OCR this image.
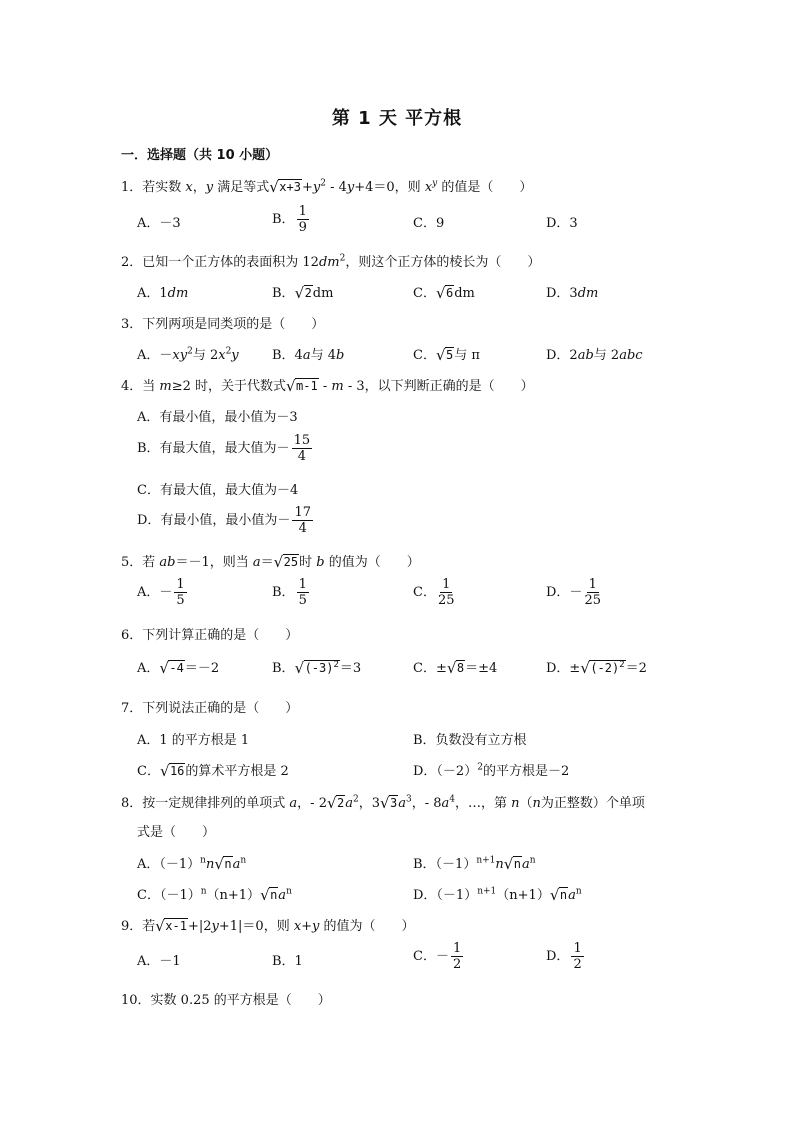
第 1 天 平方根
一．选择题（共 10 小题）
1．若实数 x，y 满足等式 √ $x+3+y^2 - 4y+4=0$，则 $x^y$ 的值是（　　）
A．－3	B． $\frac{1}{9}$	C．9	D．3
2．已知一个正方体的表面积为 $12dm^2$，则这个正方体的棱长为（　　）
A．1dm	B． √ 2dm	C． √ 6dm	D．3dm
3．下列两项是同类项的是（　　）
A．$-xy^2$与 $2x^2y$	B．4a与 4b	C． √ 5与 π	D．2ab与 2abc
4．当 m≥2 时，关于代数式 √ m-1 - m - 3，以下判断正确的是（　　）
A．有最小值，最小值为－3
B．有最大值，最大值为－ $\frac{15}{4}$
C．有最大值，最大值为－4
D．有最小值，最小值为－ $\frac{17}{4}$
5．若 ab＝－1，则当 a＝ √ 25时 b 的值为（　　）
A．－ $\frac{1}{5}$	B． $\frac{1}{5}$	C． $\frac{1}{25}$	D．－ $\frac{1}{25}$
6．下列计算正确的是（　　）
A． √ -4＝－2	B． √ $(-3)^2=3$	C．± √ 8＝±4	D．± √ $(-2)^2=2$
7．下列说法正确的是（　　）
A．1 的平方根是 1	B．负数没有立方根
C． √ 16的算术平方根是 2	D．$(-2)^2$的平方根是－2
8．按一定规律排列的单项式 a，- 2 √ $2a^2$，3 √ $3a^3$，- $8a^4$，…，第 n（n为正整数）个单项
式是（　　）
A．$(-1)^nn$ √ $na^n$	B．$(-1)^{n+1}n$ √ $na^n$
C．$(-1)^n(n+1)$ √ $na^n$	D．$(-1)^{n+1}(n+1)$ √ $na^n$
9．若 √ x-1+|2y+1|＝0，则 x+y 的值为（　　）
A．－1	B．1	C．－ $\frac{1}{2}$	D． $\frac{1}{2}$
10．实数 0.25 的平方根是（　　）
